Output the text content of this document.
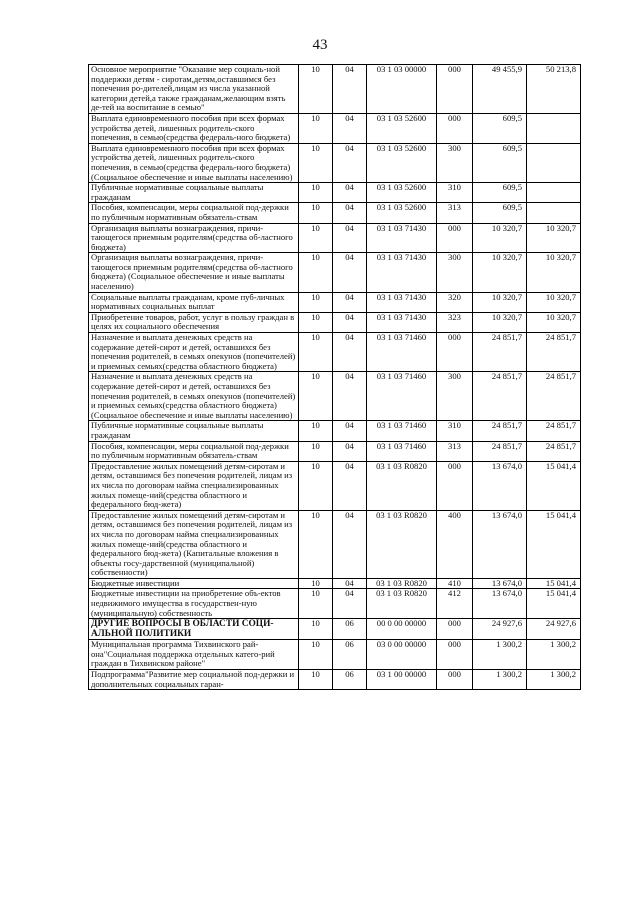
43
Основное мероприятие "Оказание мер социаль-ной поддержки детям - сиротам,детям,оставшимся без попечения ро-дителей,лицам из числа указанной категории детей,а также гражданам,желающим взять де-тей на воспитание в семью"	10	04	03 1 03 00000	000	49 455,9	50 213,8
Выплата единовременного пособия при всех формах устройства детей, лишенных родитель-ского попечения, в семью(средства федераль-ного бюджета)	10	04	03 1 03 52600	000	609,5	
Выплата единовременного пособия при всех формах устройства детей, лишенных родитель-ского попечения, в семью(средства федераль-ного бюджета) (Социальное обеспечение и иные выплаты населению)	10	04	03 1 03 52600	300	609,5	
Публичные нормативные социальные выплаты гражданам	10	04	03 1 03 52600	310	609,5	
Пособия, компенсации, меры социальной под-держки по публичным нормативным обязатель-ствам	10	04	03 1 03 52600	313	609,5	
Организация выплаты вознаграждения, причи-тающегося приемным родителям(средства об-ластного бюджета)	10	04	03 1 03 71430	000	10 320,7	10 320,7
Организация выплаты вознаграждения, причи-тающегося приемным родителям(средства об-ластного бюджета) (Социальное обеспечение и иные выплаты населению)	10	04	03 1 03 71430	300	10 320,7	10 320,7
Социальные выплаты гражданам, кроме пуб-личных нормативных социальных выплат	10	04	03 1 03 71430	320	10 320,7	10 320,7
Приобретение товаров, работ, услуг в пользу граждан в целях их социального обеспечения	10	04	03 1 03 71430	323	10 320,7	10 320,7
Назначение и выплата денежных средств на содержание детей-сирот и детей, оставшихся без попечения родителей, в семьях опекунов (попечителей) и приемных семьях(средства областного бюджета)	10	04	03 1 03 71460	000	24 851,7	24 851,7
Назначение и выплата денежных средств на содержание детей-сирот и детей, оставшихся без попечения родителей, в семьях опекунов (попечителей) и приемных семьях(средства областного бюджета) (Социальное обеспечение и иные выплаты населению)	10	04	03 1 03 71460	300	24 851,7	24 851,7
Публичные нормативные социальные выплаты гражданам	10	04	03 1 03 71460	310	24 851,7	24 851,7
Пособия, компенсации, меры социальной под-держки по публичным нормативным обязатель-ствам	10	04	03 1 03 71460	313	24 851,7	24 851,7
Предоставление жилых помещений детям-сиротам и детям, оставшимся без попечения родителей, лицам из их числа по договорам найма специализированных жилых помеще-ний(средства областного и федерального бюд-жета)	10	04	03 1 03 R0820	000	13 674,0	15 041,4
Предоставление жилых помещений детям-сиротам и детям, оставшимся без попечения родителей, лицам из их числа по договорам найма специализированных жилых помеще-ний(средства областного и федерального бюд-жета) (Капитальные вложения в объекты госу-дарственной (муниципальной) собственности)	10	04	03 1 03 R0820	400	13 674,0	15 041,4
Бюджетные инвестиции	10	04	03 1 03 R0820	410	13 674,0	15 041,4
Бюджетные инвестиции на приобретение объ-ектов недвижимого имущества в государствен-ную (муниципальную) собственность	10	04	03 1 03 R0820	412	13 674,0	15 041,4
ДРУГИЕ ВОПРОСЫ В ОБЛАСТИ СОЦИ-АЛЬНОЙ ПОЛИТИКИ	10	06	00 0 00 00000	000	24 927,6	24 927,6
Муниципальная программа Тихвинского рай-она"Социальная поддержка отдельных катего-рий граждан в Тихвинском районе"	10	06	03 0 00 00000	000	1 300,2	1 300,2
Подпрограмма"Развитие мер социальной под-держки и дополнительных социальных гаран-	10	06	03 1 00 00000	000	1 300,2	1 300,2
